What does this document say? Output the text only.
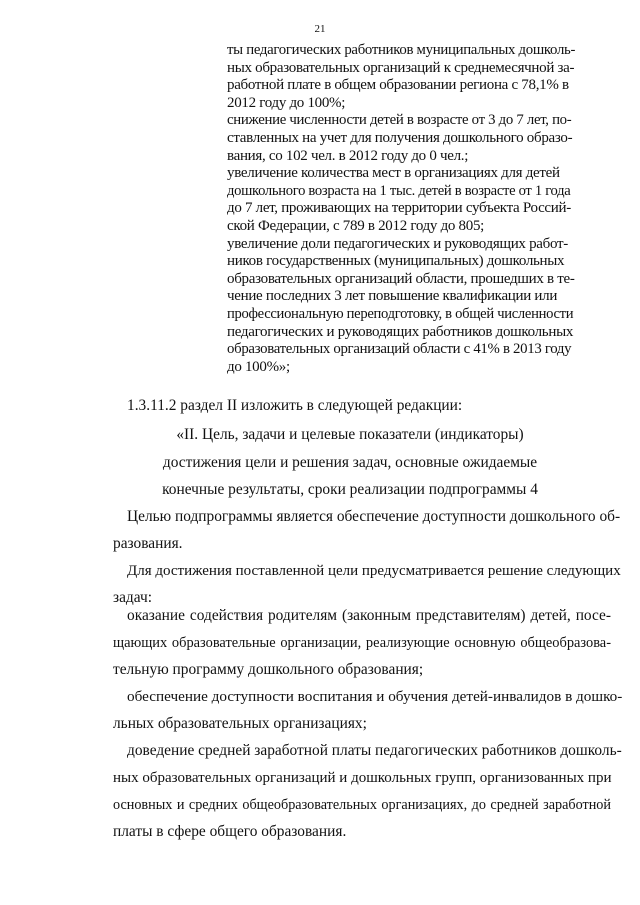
21
ты педагогических работников муниципальных дошколь-
ных образовательных организаций к среднемесячной за-
работной плате в общем образовании региона с 78,1% в
2012 году до 100%;
снижение численности детей в возрасте от 3 до 7 лет, по-
ставленных на учет для получения дошкольного образо-
вания, со 102 чел. в 2012 году до 0 чел.;
увеличение количества мест в организациях для детей
дошкольного возраста на 1 тыс. детей в возрасте от 1 года
до 7 лет, проживающих на территории субъекта Россий-
ской Федерации, с 789 в 2012 году до 805;
увеличение доли педагогических и руководящих работ-
ников государственных (муниципальных) дошкольных
образовательных организаций области, прошедших в те-
чение последних 3 лет повышение квалификации или
профессиональную переподготовку, в общей численности
педагогических и руководящих работников дошкольных
образовательных организаций области с 41% в 2013 году
до 100%»;
1.3.11.2 раздел II изложить в следующей редакции:
«II. Цель, задачи и целевые показатели (индикаторы)
достижения цели и решения задач, основные ожидаемые
конечные результаты, сроки реализации подпрограммы 4
Целью подпрограммы является обеспечение доступности дошкольного об-
разования.
Для достижения поставленной цели предусматривается решение следующих
задач:
оказание содействия родителям (законным представителям) детей, посе-
щающих образовательные организации, реализующие основную общеобразова-
тельную программу дошкольного образования;
обеспечение доступности воспитания и обучения детей-инвалидов в дошко-
льных образовательных организациях;
доведение средней заработной платы педагогических работников дошколь-
ных образовательных организаций и дошкольных групп, организованных при
основных и средних общеобразовательных организациях, до средней заработной
платы в сфере общего образования.
